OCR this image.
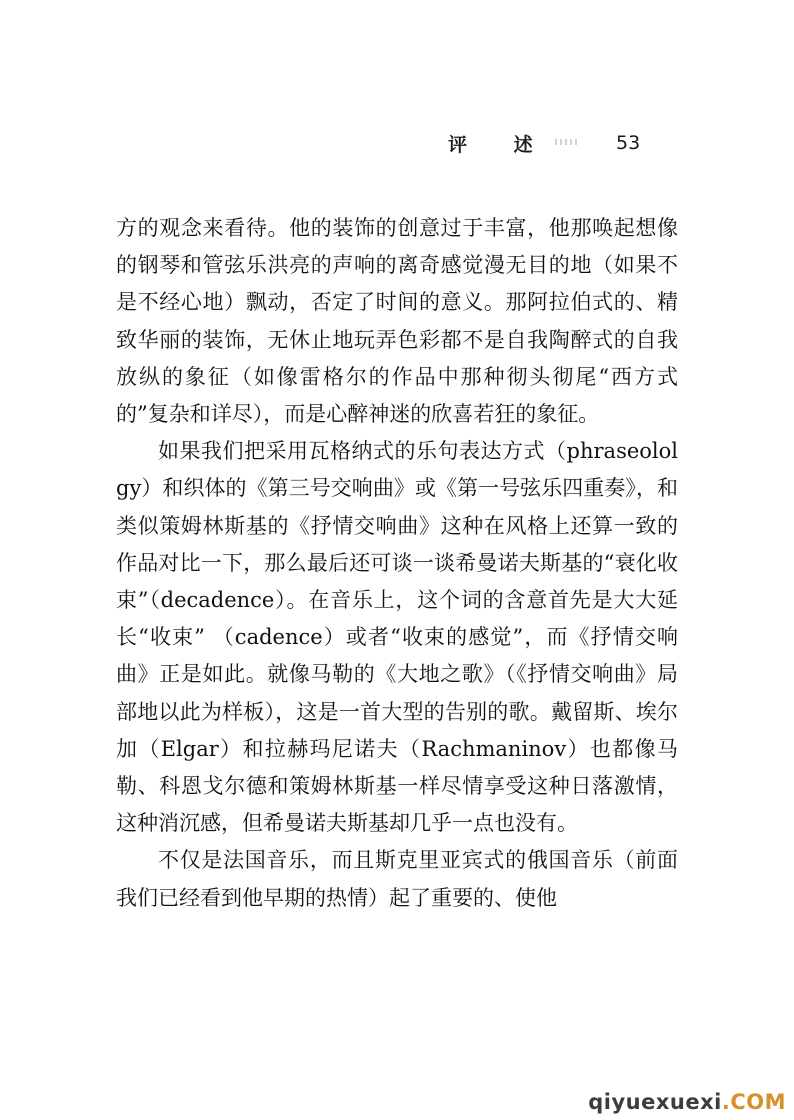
评 述	53

方的观念来看待。他的装饰的创意过于丰富，他那唤起想像的钢琴和管弦乐洪亮的声响的离奇感觉漫无目的地（如果不是不经心地）飘动，否定了时间的意义。那阿拉伯式的、精致华丽的装饰，无休止地玩弄色彩都不是自我陶醉式的自我放纵的象征（如像雷格尔的作品中那种彻头彻尾“西方式的”复杂和详尽），而是心醉神迷的欣喜若狂的象征。

如果我们把采用瓦格纳式的乐句表达方式（phraseololgy）和织体的《第三号交响曲》或《第一号弦乐四重奏》，和类似策姆林斯基的《抒情交响曲》这种在风格上还算一致的作品对比一下，那么最后还可谈一谈希曼诺夫斯基的“衰化收束”（decadence）。在音乐上，这个词的含意首先是大大延长“收束” （cadence）或者“收束的感觉”，而《抒情交响曲》正是如此。就像马勒的《大地之歌》（《抒情交响曲》局部地以此为样板），这是一首大型的告别的歌。戴留斯、埃尔加（Elgar）和拉赫玛尼诺夫（Rachmaninov）也都像马勒、科恩戈尔德和策姆林斯基一样尽情享受这种日落激情，这种消沉感，但希曼诺夫斯基却几乎一点也没有。

不仅是法国音乐，而且斯克里亚宾式的俄国音乐（前面我们已经看到他早期的热情）起了重要的、使他

qiyuexuexi.COM
